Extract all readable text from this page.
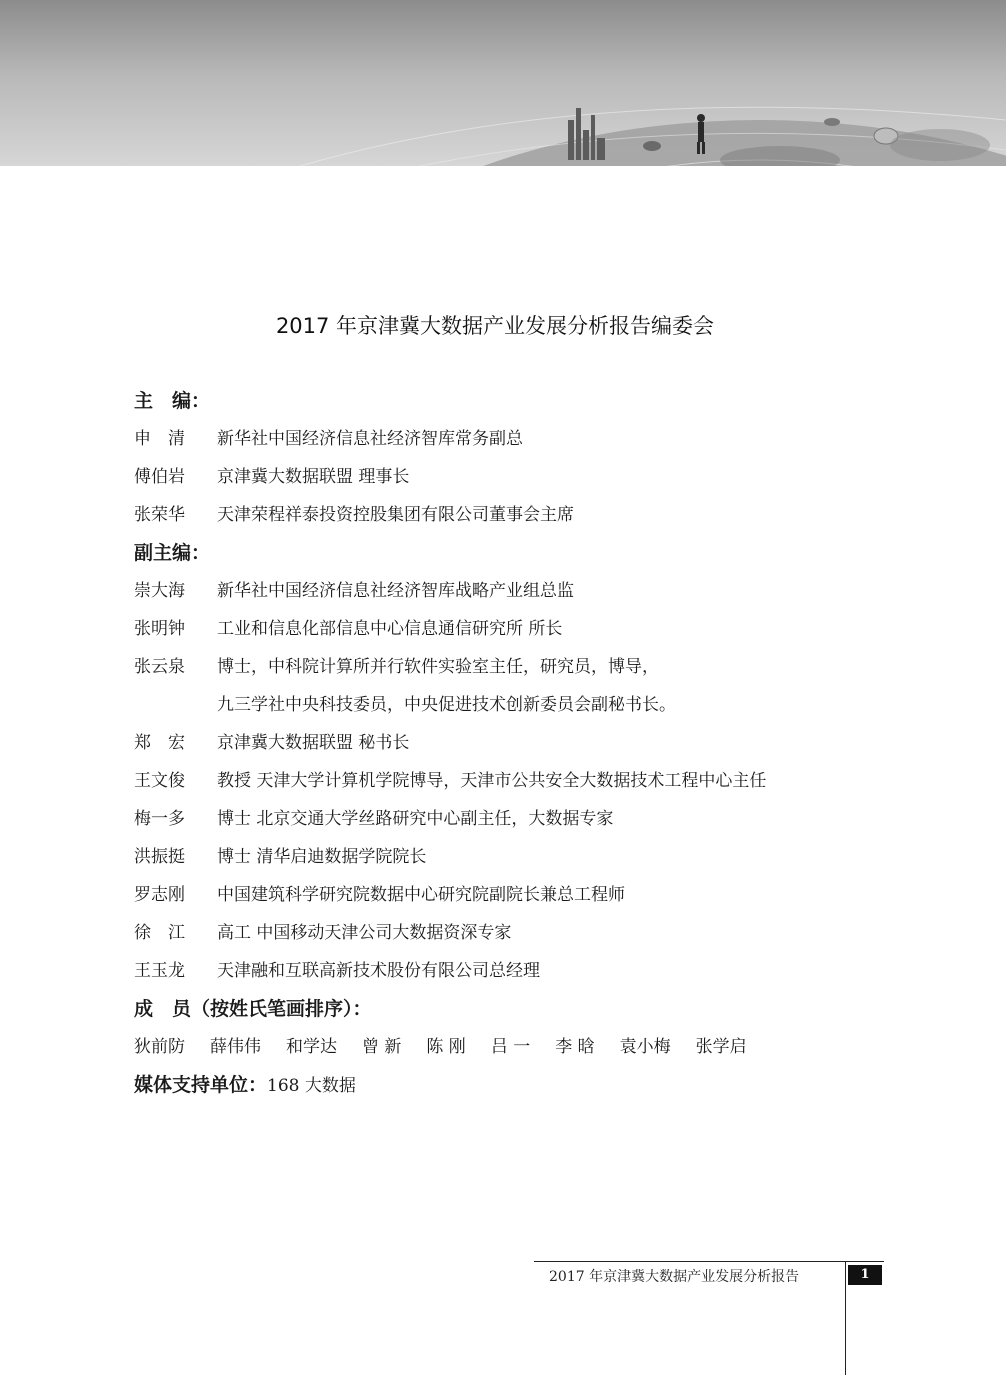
2017 年京津冀大数据产业发展分析报告编委会
主　编：
申　清	新华社中国经济信息社经济智库常务副总
傅伯岩	京津冀大数据联盟 理事长
张荣华	天津荣程祥泰投资控股集团有限公司董事会主席
副主编：
崇大海	新华社中国经济信息社经济智库战略产业组总监
张明钟	工业和信息化部信息中心信息通信研究所 所长
张云泉	博士，中科院计算所并行软件实验室主任，研究员，博导，
九三学社中央科技委员，中央促进技术创新委员会副秘书长。
郑　宏	京津冀大数据联盟 秘书长
王文俊	教授 天津大学计算机学院博导，天津市公共安全大数据技术工程中心主任
梅一多	博士 北京交通大学丝路研究中心副主任，大数据专家
洪振挺	博士 清华启迪数据学院院长
罗志刚	中国建筑科学研究院数据中心研究院副院长兼总工程师
徐　江	高工 中国移动天津公司大数据资深专家
王玉龙	天津融和互联高新技术股份有限公司总经理
成　员（按姓氏笔画排序）：
狄前防 薛伟伟 和学达 曾 新 陈 刚 吕 一 李 晗 袁小梅 张学启
媒体支持单位：168 大数据
2017 年京津冀大数据产业发展分析报告	1
